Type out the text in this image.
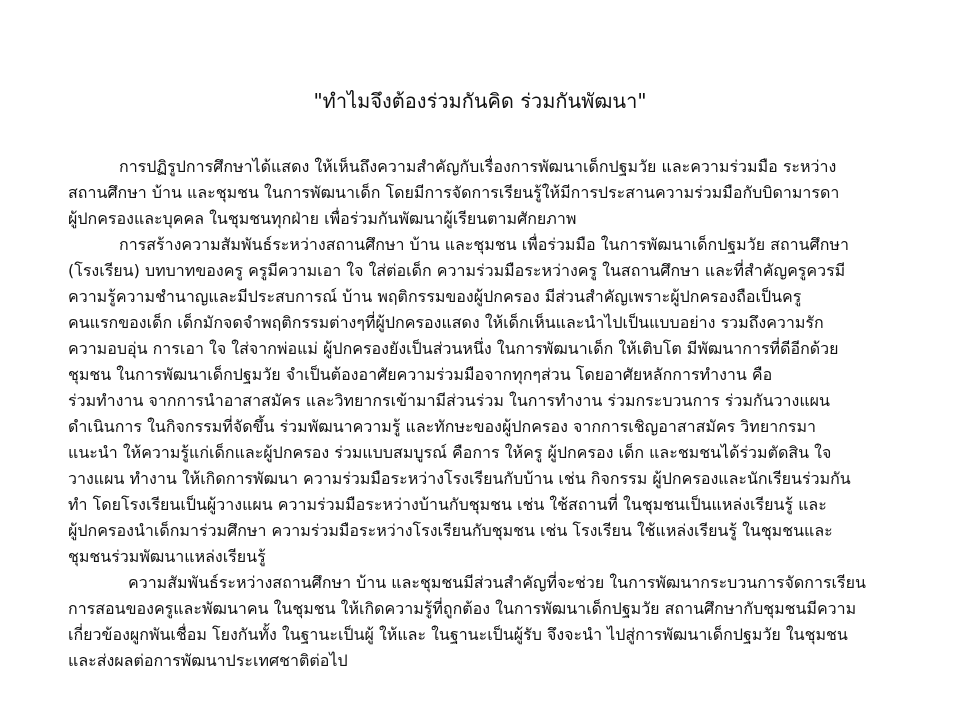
"ทำไมจึงต้องร่วมกันคิด ร่วมกันพัฒนา"
การปฏิรูปการศึกษาได้แสดง ให้เห็นถึงความสำคัญกับเรื่องการพัฒนาเด็กปฐมวัย และความร่วมมือ ระหว่าง
สถานศึกษา บ้าน และชุมชน ในการพัฒนาเด็ก โดยมีการจัดการเรียนรู้ให้มีการประสานความร่วมมือกับบิดามารดา
ผู้ปกครองและบุคคล ในชุมชนทุกฝ่าย เพื่อร่วมกันพัฒนาผู้เรียนตามศักยภาพ
การสร้างความสัมพันธ์ระหว่างสถานศึกษา บ้าน และชุมชน เพื่อร่วมมือ ในการพัฒนาเด็กปฐมวัย สถานศึกษา
(โรงเรียน) บทบาทของครู ครูมีความเอา ใจ ใส่ต่อเด็ก ความร่วมมือระหว่างครู ในสถานศึกษา และที่สำคัญครูควรมี
ความรู้ความชำนาญและมีประสบการณ์ บ้าน พฤติกรรมของผู้ปกครอง มีส่วนสำคัญเพราะผู้ปกครองถือเป็นครู
คนแรกของเด็ก เด็กมักจดจำพฤติกรรมต่างๆที่ผู้ปกครองแสดง ให้เด็กเห็นและนำไปเป็นแบบอย่าง รวมถึงความรัก
ความอบอุ่น การเอา ใจ ใส่จากพ่อแม่ ผู้ปกครองยังเป็นส่วนหนึ่ง ในการพัฒนาเด็ก ให้เติบโต มีพัฒนาการที่ดีอีกด้วย
ชุมชน ในการพัฒนาเด็กปฐมวัย จำเป็นต้องอาศัยความร่วมมือจากทุกๆส่วน โดยอาศัยหลักการทำงาน คือ
ร่วมทำงาน จากการนำอาสาสมัคร และวิทยากรเข้ามามีส่วนร่วม ในการทำงาน ร่วมกระบวนการ ร่วมกันวางแผน
ดำเนินการ ในกิจกรรมที่จัดขึ้น ร่วมพัฒนาความรู้ และทักษะของผู้ปกครอง จากการเชิญอาสาสมัคร วิทยากรมา
แนะนำ ให้ความรู้แก่เด็กและผู้ปกครอง ร่วมแบบสมบูรณ์ คือการ ให้ครู ผู้ปกครอง เด็ก และชมชนได้ร่วมตัดสิน ใจ
วางแผน ทำงาน ให้เกิดการพัฒนา ความร่วมมือระหว่างโรงเรียนกับบ้าน เช่น กิจกรรม ผู้ปกครองและนักเรียนร่วมกัน
ทำ โดยโรงเรียนเป็นผู้วางแผน ความร่วมมือระหว่างบ้านกับชุมชน เช่น ใช้สถานที่ ในชุมชนเป็นแหล่งเรียนรู้ และ
ผู้ปกครองนำเด็กมาร่วมศึกษา ความร่วมมือระหว่างโรงเรียนกับชุมชน เช่น โรงเรียน ใช้แหล่งเรียนรู้ ในชุมชนและ
ชุมชนร่วมพัฒนาแหล่งเรียนรู้
ความสัมพันธ์ระหว่างสถานศึกษา บ้าน และชุมชนมีส่วนสำคัญที่จะช่วย ในการพัฒนากระบวนการจัดการเรียน
การสอนของครูและพัฒนาคน ในชุมชน ให้เกิดความรู้ที่ถูกต้อง ในการพัฒนาเด็กปฐมวัย สถานศึกษากับชุมชนมีความ
เกี่ยวข้องผูกพันเชื่อม โยงกันทั้ง ในฐานะเป็นผู้ ให้และ ในฐานะเป็นผู้รับ จึงจะนำ ไปสู่การพัฒนาเด็กปฐมวัย ในชุมชน
และส่งผลต่อการพัฒนาประเทศชาติต่อไป
